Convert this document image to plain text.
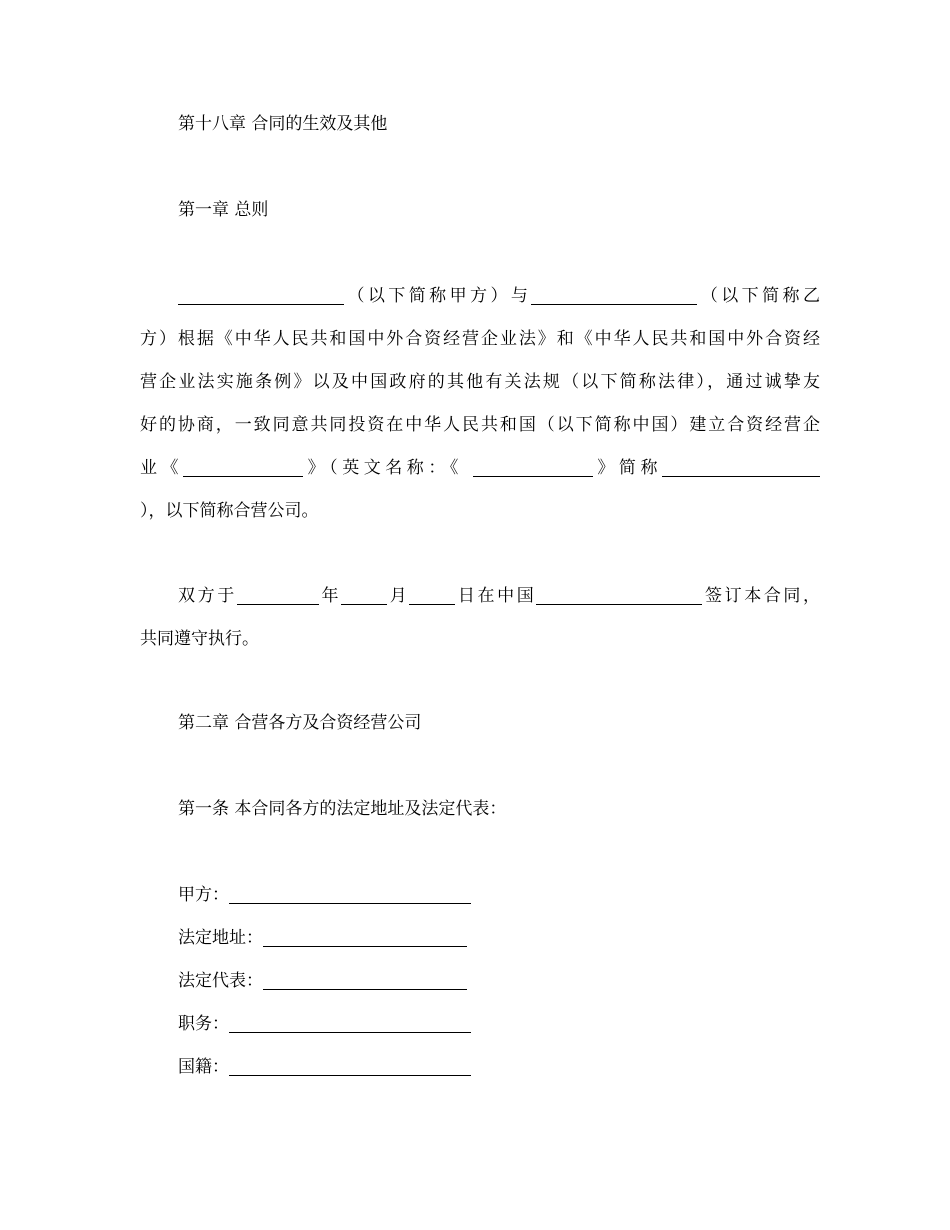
第十八章 合同的生效及其他
第一章 总则
（以下简称甲方）与	（以下简称乙
方）根据《中华人民共和国中外合资经营企业法》和《中华人民共和国中外合资经
营企业法实施条例》以及中国政府的其他有关法规（以下简称法律），通过诚挚友
好的协商，一致同意共同投资在中华人民共和国（以下简称中国）建立合资经营企
业《	》（英文名称：《	》简称
），以下简称合营公司。
双方于	年	月	日在中国	签订本合同，
共同遵守执行。
第二章 合营各方及合资经营公司
第一条 本合同各方的法定地址及法定代表：
甲方：
法定地址：
法定代表：
职务：
国籍：
